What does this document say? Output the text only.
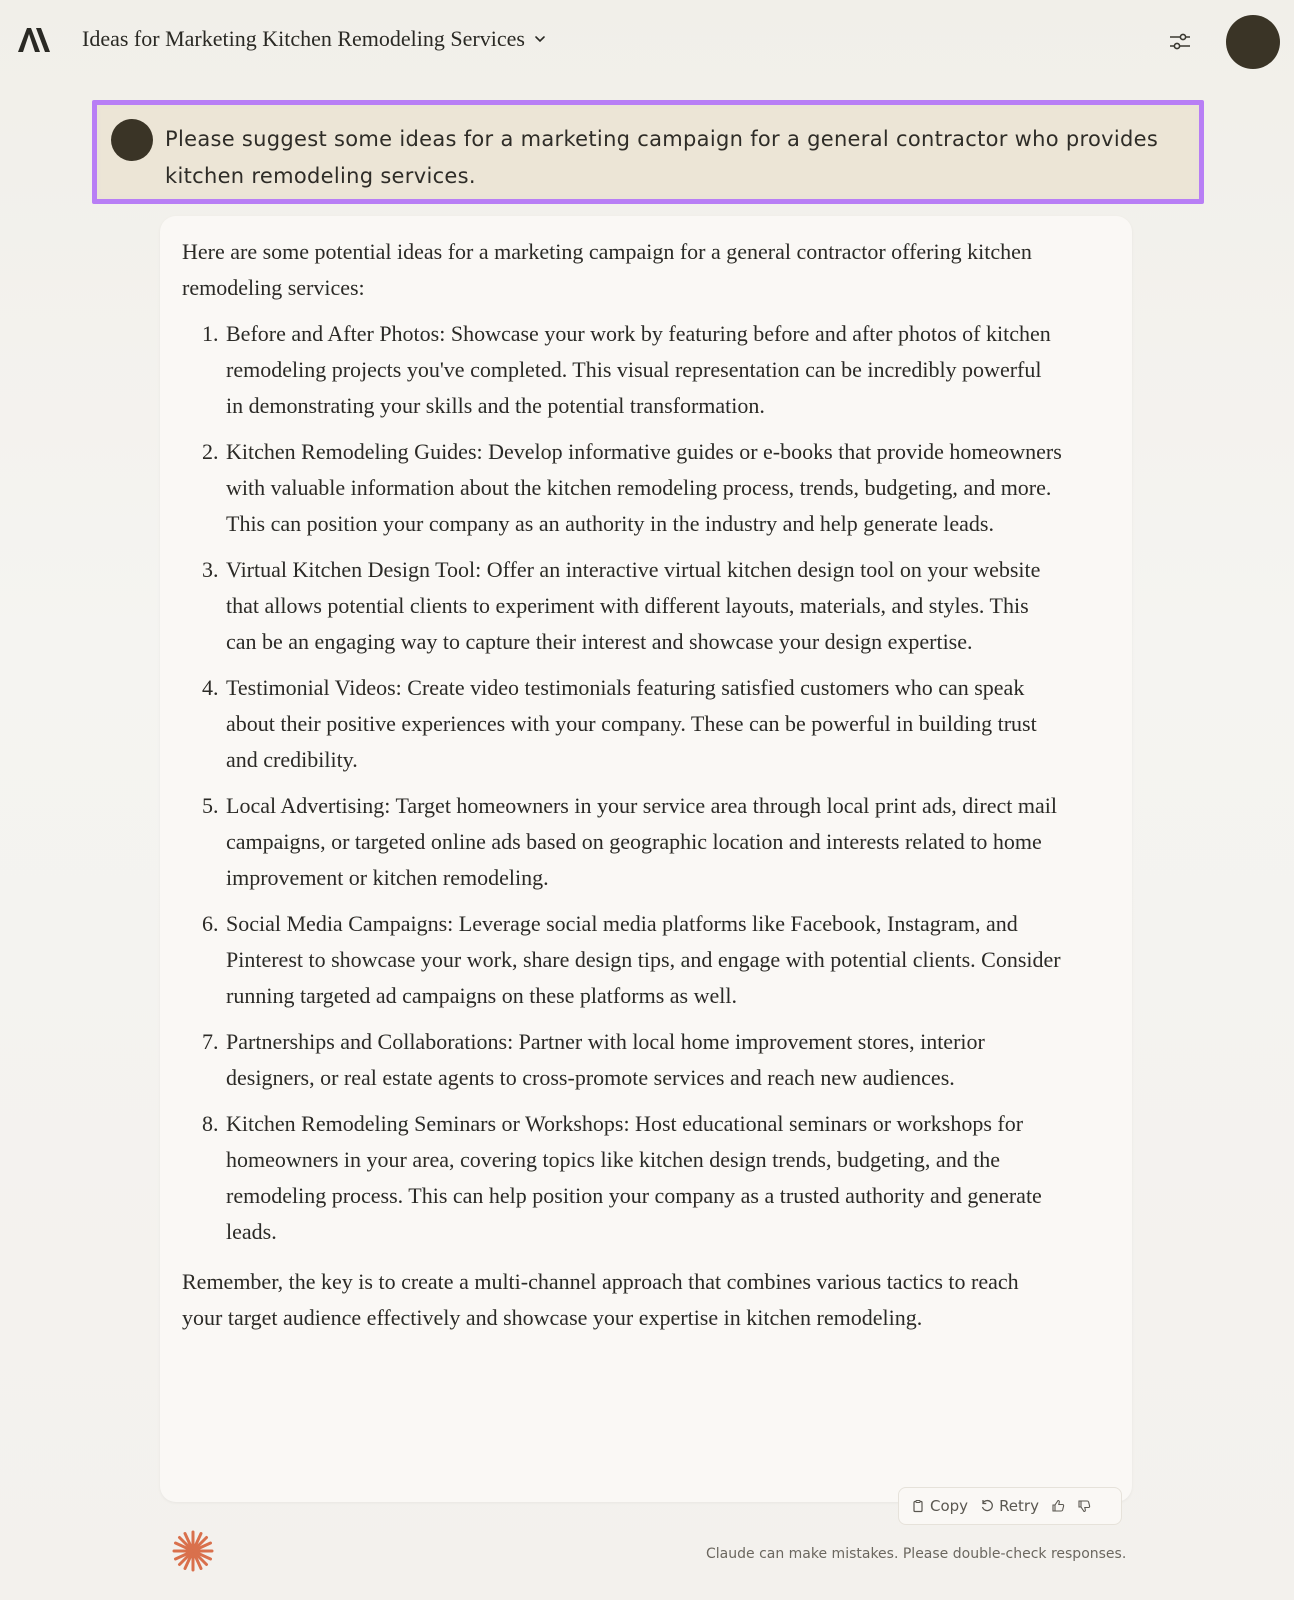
Ideas for Marketing Kitchen Remodeling Services
Please suggest some ideas for a marketing campaign for a general contractor who provides kitchen remodeling services.

Here are some potential ideas for a marketing campaign for a general contractor offering kitchen remodeling services:

1. Before and After Photos: Showcase your work by featuring before and after photos of kitchen remodeling projects you've completed. This visual representation can be incredibly powerful in demonstrating your skills and the potential transformation.
2. Kitchen Remodeling Guides: Develop informative guides or e-books that provide homeowners with valuable information about the kitchen remodeling process, trends, budgeting, and more. This can position your company as an authority in the industry and help generate leads.
3. Virtual Kitchen Design Tool: Offer an interactive virtual kitchen design tool on your website that allows potential clients to experiment with different layouts, materials, and styles. This can be an engaging way to capture their interest and showcase your design expertise.
4. Testimonial Videos: Create video testimonials featuring satisfied customers who can speak about their positive experiences with your company. These can be powerful in building trust and credibility.
5. Local Advertising: Target homeowners in your service area through local print ads, direct mail campaigns, or targeted online ads based on geographic location and interests related to home improvement or kitchen remodeling.
6. Social Media Campaigns: Leverage social media platforms like Facebook, Instagram, and Pinterest to showcase your work, share design tips, and engage with potential clients. Consider running targeted ad campaigns on these platforms as well.
7. Partnerships and Collaborations: Partner with local home improvement stores, interior designers, or real estate agents to cross-promote services and reach new audiences.
8. Kitchen Remodeling Seminars or Workshops: Host educational seminars or workshops for homeowners in your area, covering topics like kitchen design trends, budgeting, and the remodeling process. This can help position your company as a trusted authority and generate leads.

Remember, the key is to create a multi-channel approach that combines various tactics to reach your target audience effectively and showcase your expertise in kitchen remodeling.

Copy Retry
Claude can make mistakes. Please double-check responses.
